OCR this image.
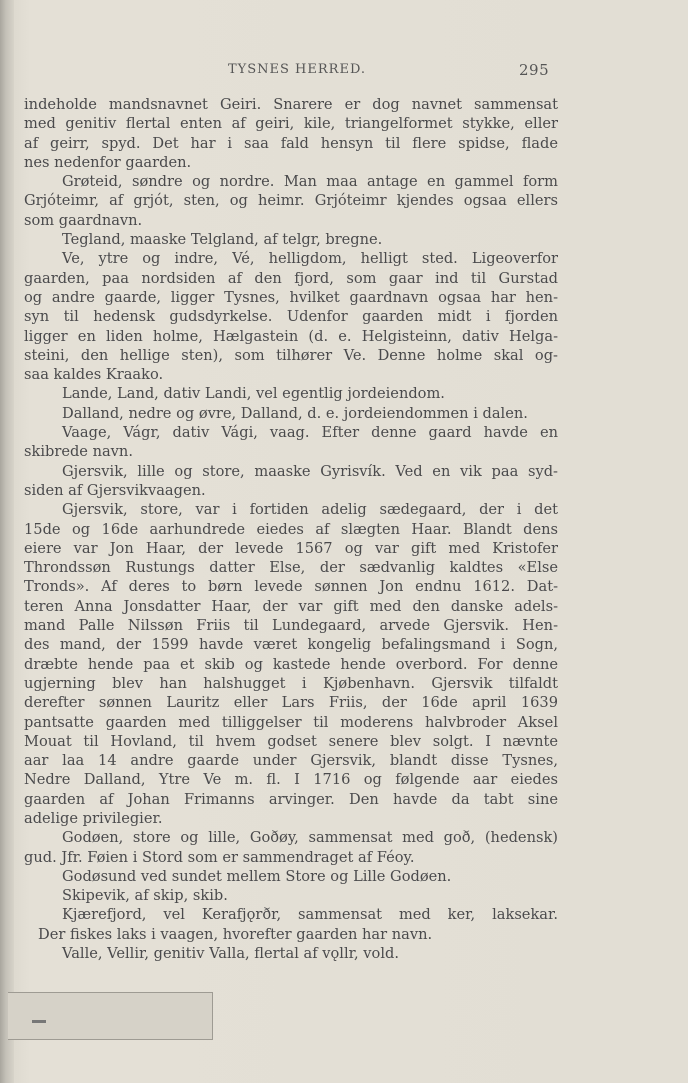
TYSNES HERRED.	295
indeholde mandsnavnet Geiri. Snarere er dog navnet sammensat
med genitiv flertal enten af geiri, kile, triangelformet stykke, eller
af geirr, spyd. Det har i saa fald hensyn til flere spidse, flade
nes nedenfor gaarden.
Grøteid, søndre og nordre. Man maa antage en gammel form
Grjóteimr, af grjót, sten, og heimr. Grjóteimr kjendes ogsaa ellers
som gaardnavn.
Tegland, maaske Telgland, af telgr, bregne.
Ve, ytre og indre, Vé, helligdom, helligt sted. Ligeoverfor
gaarden, paa nordsiden af den fjord, som gaar ind til Gurstad
og andre gaarde, ligger Tysnes, hvilket gaardnavn ogsaa har hen-
syn til hedensk gudsdyrkelse. Udenfor gaarden midt i fjorden
ligger en liden holme, Hælgastein (d. e. Helgisteinn, dativ Helga-
steini, den hellige sten), som tilhører Ve. Denne holme skal og-
saa kaldes Kraako.
Lande, Land, dativ Landi, vel egentlig jordeiendom.
Dalland, nedre og øvre, Dalland, d. e. jordeiendommen i dalen.
Vaage, Vágr, dativ Vági, vaag. Efter denne gaard havde en
skibrede navn.
Gjersvik, lille og store, maaske Gyrisvík. Ved en vik paa syd-
siden af Gjersvikvaagen.
Gjersvik, store, var i fortiden adelig sædegaard, der i det
15de og 16de aarhundrede eiedes af slægten Haar. Blandt dens
eiere var Jon Haar, der levede 1567 og var gift med Kristofer
Throndssøn Rustungs datter Else, der sædvanlig kaldtes «Else
Tronds». Af deres to børn levede sønnen Jon endnu 1612. Dat-
teren Anna Jonsdatter Haar, der var gift med den danske adels-
mand Palle Nilssøn Friis til Lundegaard, arvede Gjersvik. Hen-
des mand, der 1599 havde været kongelig befalingsmand i Sogn,
dræbte hende paa et skib og kastede hende overbord. For denne
ugjerning blev han halshugget i Kjøbenhavn. Gjersvik tilfaldt
derefter sønnen Lauritz eller Lars Friis, der 16de april 1639
pantsatte gaarden med tilliggelser til moderens halvbroder Aksel
Mouat til Hovland, til hvem godset senere blev solgt. I nævnte
aar laa 14 andre gaarde under Gjersvik, blandt disse Tysnes,
Nedre Dalland, Ytre Ve m. fl. I 1716 og følgende aar eiedes
gaarden af Johan Frimanns arvinger. Den havde da tabt sine
adelige privilegier.
Godøen, store og lille, Goðøy, sammensat med goð, (hedensk)
gud. Jfr. Føien i Stord som er sammendraget af Féoy.
Godøsund ved sundet mellem Store og Lille Godøen.
Skipevik, af skip, skib.
Kjærefjord, vel Kerafjǫrðr, sammensat med ker, laksekar.
Der fiskes laks i vaagen, hvorefter gaarden har navn.
Valle, Vellir, genitiv Valla, flertal af vǫllr, vold.
